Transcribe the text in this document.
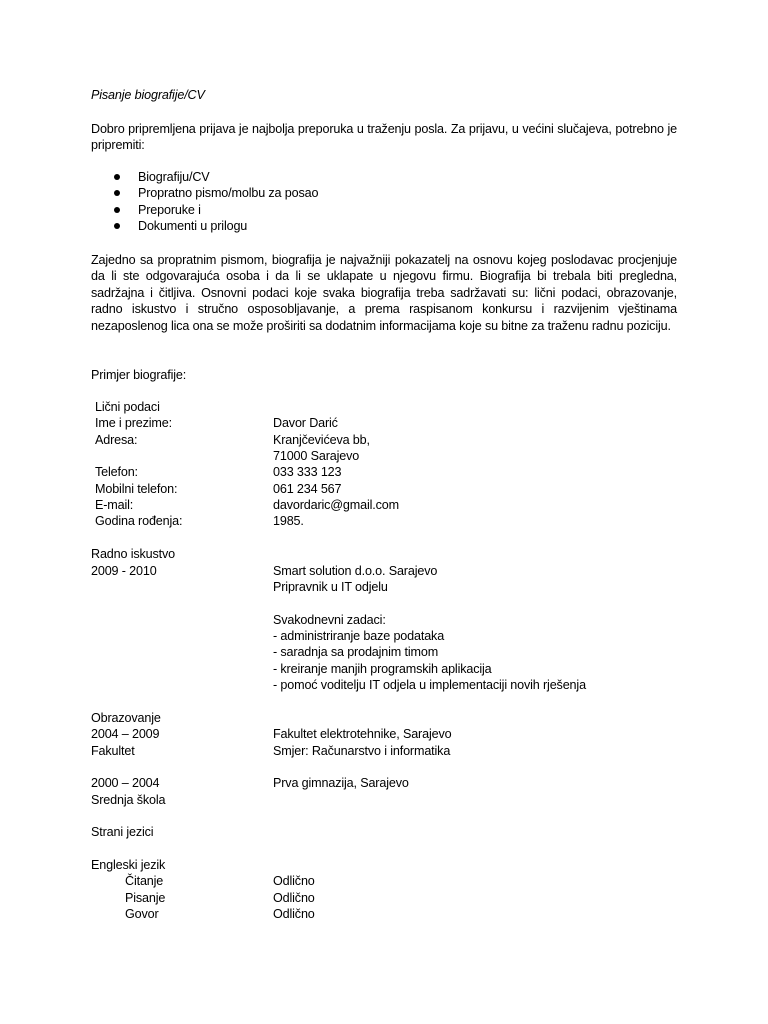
Pisanje biografije/CV
Dobro pripremljena prijava je najbolja preporuka u traženju posla. Za prijavu, u većini slučajeva, potrebno je pripremiti:
Biografiju/CV
Propratno pismo/molbu za posao
Preporuke i
Dokumenti u prilogu
Zajedno sa propratnim pismom, biografija je najvažniji pokazatelj na osnovu kojeg poslodavac procjenjuje da li ste odgovarajuća osoba i da li se uklapate u njegovu firmu. Biografija bi trebala biti pregledna, sadržajna i čitljiva. Osnovni podaci koje svaka biografija treba sadržavati su: lični podaci, obrazovanje, radno iskustvo i stručno osposobljavanje, a prema raspisanom konkursu i razvijenim vještinama nezaposlenog lica ona se može proširiti sa dodatnim informacijama koje su bitne za traženu radnu poziciju.
Primjer biografije:
Lični podaci
Ime i prezime:	Davor Darić
Adresa:	Kranjčevićeva bb,
71000 Sarajevo
Telefon:	033 333 123
Mobilni telefon:	061 234 567
E-mail:	davordaric@gmail.com
Godina rođenja:	1985.
Radno iskustvo
2009 - 2010	Smart solution d.o.o. Sarajevo
Pripravnik u IT odjelu
Svakodnevni zadaci:
- administriranje baze podataka
- saradnja sa prodajnim timom
- kreiranje manjih programskih aplikacija
- pomoć voditelju IT odjela u implementaciji novih rješenja
Obrazovanje
2004 – 2009	Fakultet elektrotehnike, Sarajevo
Fakultet	Smjer: Računarstvo i informatika
2000 – 2004	Prva gimnazija, Sarajevo
Srednja škola
Strani jezici
Engleski jezik
Čitanje	Odlično
Pisanje	Odlično
Govor	Odlično
